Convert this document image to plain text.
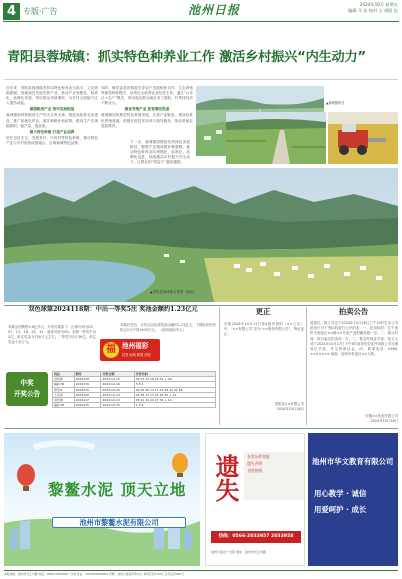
4 专版·广告	池州日报	2024年10月 星期五
编辑 马 张 校对 王 排版 伍
青阳县蓉城镇：抓实特色种养业工作 激活乡村振兴“内生动力”
近年来，青阳县蓉城镇坚持以特色种养业为抓手，立足资源禀赋，因地制宜发展优势产业，推动产业规模化、标准化、品牌化发展，带动群众持续增收，为乡村全面振兴注入强劲动能。
做强粮食产业 筑牢发展根基
蓉城镇始终把粮食生产作为头等大事，推进高标准农田建设，推广机械化作业，落实种粮补贴政策，粮食生产实现稳面积、稳产量、提品质。
做大特色种植 打造产业品牌
依托良好生态，发展茶叶、中药材等特色种植，推动特色产业与乡村旅游深度融合，打响蓉城特色品牌。
同时，镇党委政府积极引导农户发展稻虾共作、生态养殖等新型种养模式，培育壮大新型农业经营主体，通过“合作社+农户”模式，带动周边群众就近务工增收，村集体经济不断壮大。
做优养殖产业 拓宽增收渠道
蓉城镇加快推进特色养殖发展，完善产业链条，建设标准化养殖基地，积极开展技术培训与指导服务，推动养殖业提质增效。
下一步，蓉城镇将继续坚持特色发展路径，聚焦产业链延链补链强链，推动特色种养业向规模化、标准化、品牌化迈进，持续激活乡村振兴内生动力，让群众的“钱袋子”越来越鼓。
▲蓉城镇风光
▲青阳县蓉城镇全景图（航拍）
双色球第2024118期：中出一等奖5注 奖池金额约1.23亿元
本期全国销售3.6亿多元。开奖结果如下：红球号码为03、07、12、18、25、31，蓝球号码为09。本期一等奖中出5注，单注奖金为700万元左右。二等奖中出139注，单注奖金十余万元。
本期开奖后，计奖后双色球奖池余额约1.23亿元，下期彩民仍有机会2元中得1000万元。 （池州福彩中心）
福 池州福彩
扶老 助残 救孤 济困
中奖
开奖公告
玩法	期号	开奖日期	开奖号码
双色球	2024118	2024-10-15	03 07 12 18 25 31 + 09
福彩3D	2024276	2024-10-16	5 8 2
快乐8	2024276	2024-10-16	02 05 09 11 17 23 28 34 41 46
七乐彩	2024120	2024-10-14	01 06 13 17 22 26 30 + 19
双色球	2024117	2024-10-13	05 11 19 22 27 32 + 14
福彩3D	2024275	2024-10-15	1 4 9
更正
本报2024年10月11日第4版刊登的《××公告》中，“××有限公司”应为“××股份有限公司”，特此更正。
青阳县××有限公司
2024年10月18日
拍卖公告
受委托，我公司定于2024年10月28日上午10时在本公司拍卖厅对下列标的进行公开拍卖：一、拍卖标的：位于池州市贵池区××路××号房产及附属设施一宗。二、展示时间：即日起至拍卖前一日。三、报名时间及手续：竞买人须于2024年10月27日下午5时前持有效证件到我公司办理登记手续，并交纳保证金。四、联系电话：0566-××××××× 地址：池州市贵池区××大厦。
安徽××拍卖有限公司
2024年10月18日
黎鳌水泥 顶天立地
池州市黎鳌水泥有限公司
遗失	各类证件登报
遗失声明
刊登热线
热线：0566-2033957 2033958
池州日报社广告部 地址：池州市长江中路
池州市华文教育有限公司
用心教学 · 诚信
用爱呵护 · 成长
本报地址：池州市长江中路 电话：0566-2033806 广告许可证：3417004000001 印刷：池州日报社印务中心 每份定价1.00元 全年定价300元
